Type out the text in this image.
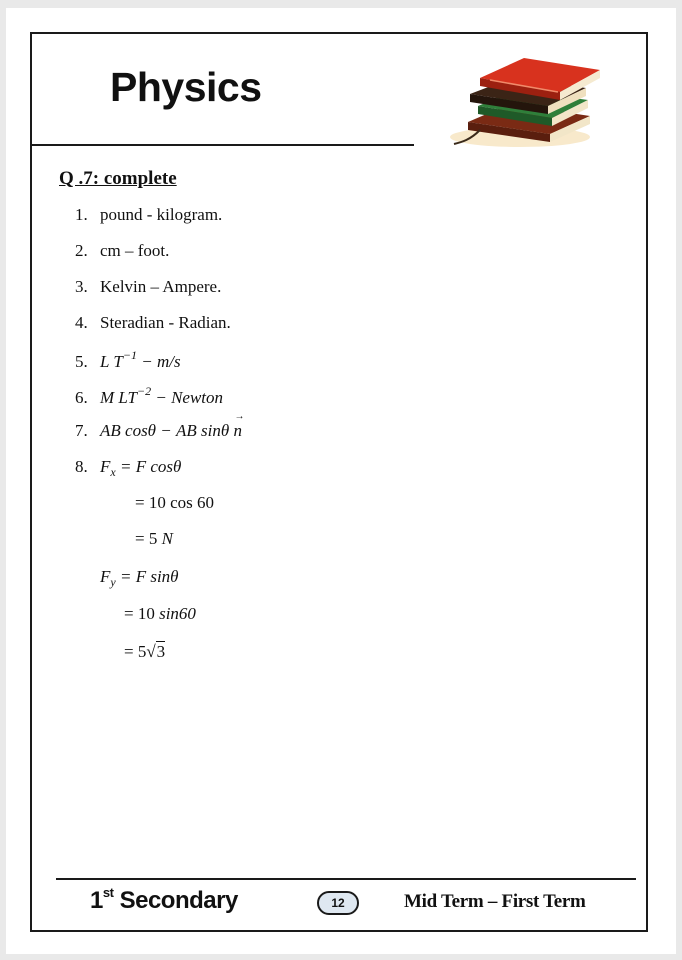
Physics
Q .7: complete
1. pound - kilogram.
2. cm – foot.
3. Kelvin – Ampere.
4. Steradian - Radian.
5. L $T^{-1} - m/s$
6. M $LT^{-2}$ − Newton
7. AB cosθ − AB sinθ → n
8. $F_x = F$ cosθ
= 10 cos 60
= 5 N
$F_y = F$ sinθ
= 10 sin60
= 5√3
1st Secondary	12	Mid Term – First Term
